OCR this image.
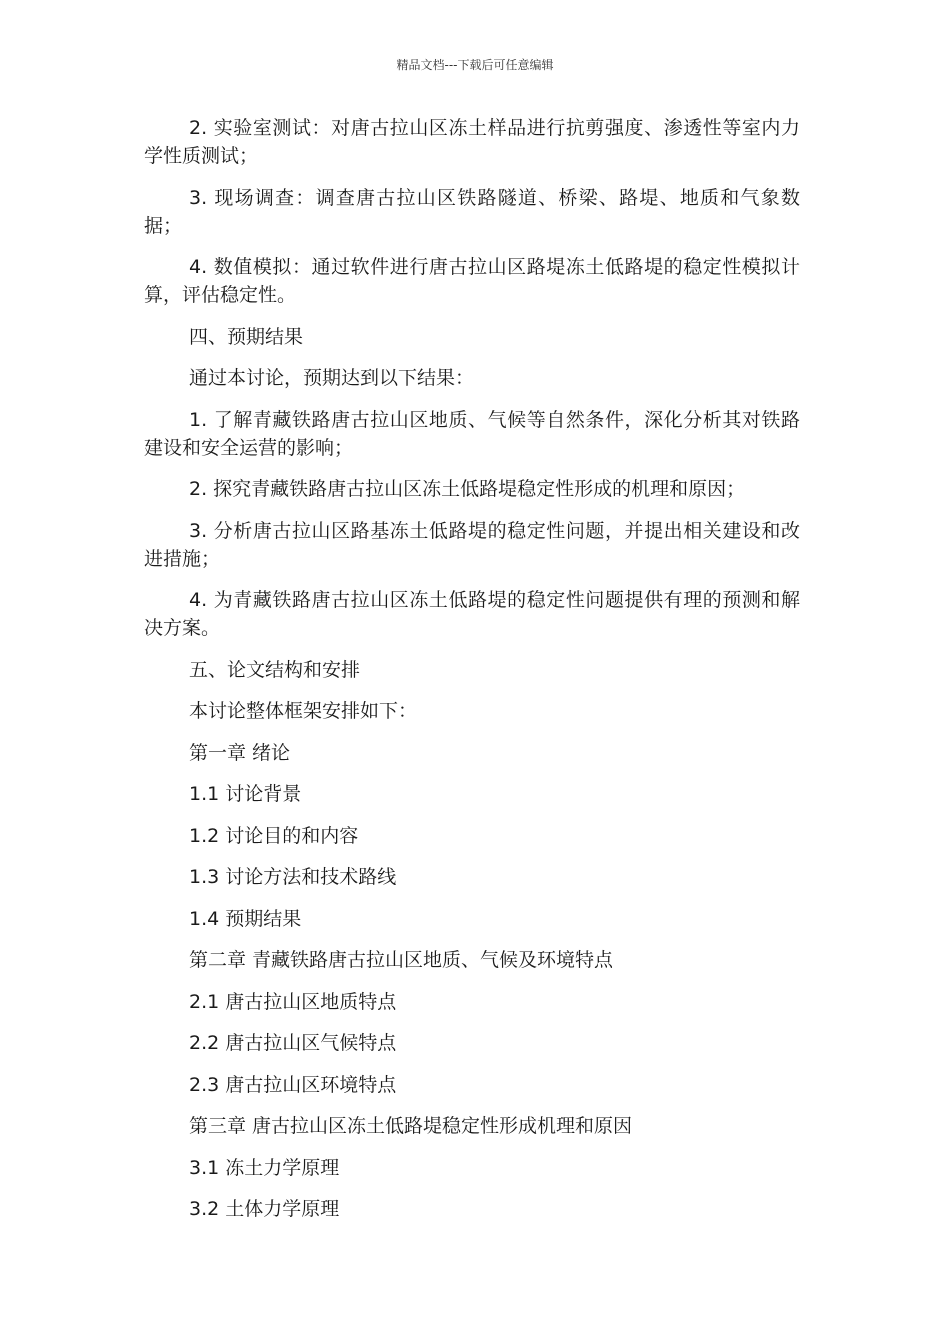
精品文档---下载后可任意编辑

2. 实验室测试：对唐古拉山区冻土样品进行抗剪强度、渗透性等室内力学性质测试；

3. 现场调查：调查唐古拉山区铁路隧道、桥梁、路堤、地质和气象数据；

4. 数值模拟：通过软件进行唐古拉山区路堤冻土低路堤的稳定性模拟计算，评估稳定性。

四、预期结果

通过本讨论，预期达到以下结果：

1. 了解青藏铁路唐古拉山区地质、气候等自然条件，深化分析其对铁路建设和安全运营的影响；

2. 探究青藏铁路唐古拉山区冻土低路堤稳定性形成的机理和原因；

3. 分析唐古拉山区路基冻土低路堤的稳定性问题，并提出相关建设和改进措施；

4. 为青藏铁路唐古拉山区冻土低路堤的稳定性问题提供有理的预测和解决方案。

五、论文结构和安排

本讨论整体框架安排如下：

第一章 绪论

1.1 讨论背景

1.2 讨论目的和内容

1.3 讨论方法和技术路线

1.4 预期结果

第二章 青藏铁路唐古拉山区地质、气候及环境特点

2.1 唐古拉山区地质特点

2.2 唐古拉山区气候特点

2.3 唐古拉山区环境特点

第三章 唐古拉山区冻土低路堤稳定性形成机理和原因

3.1 冻土力学原理

3.2 土体力学原理
